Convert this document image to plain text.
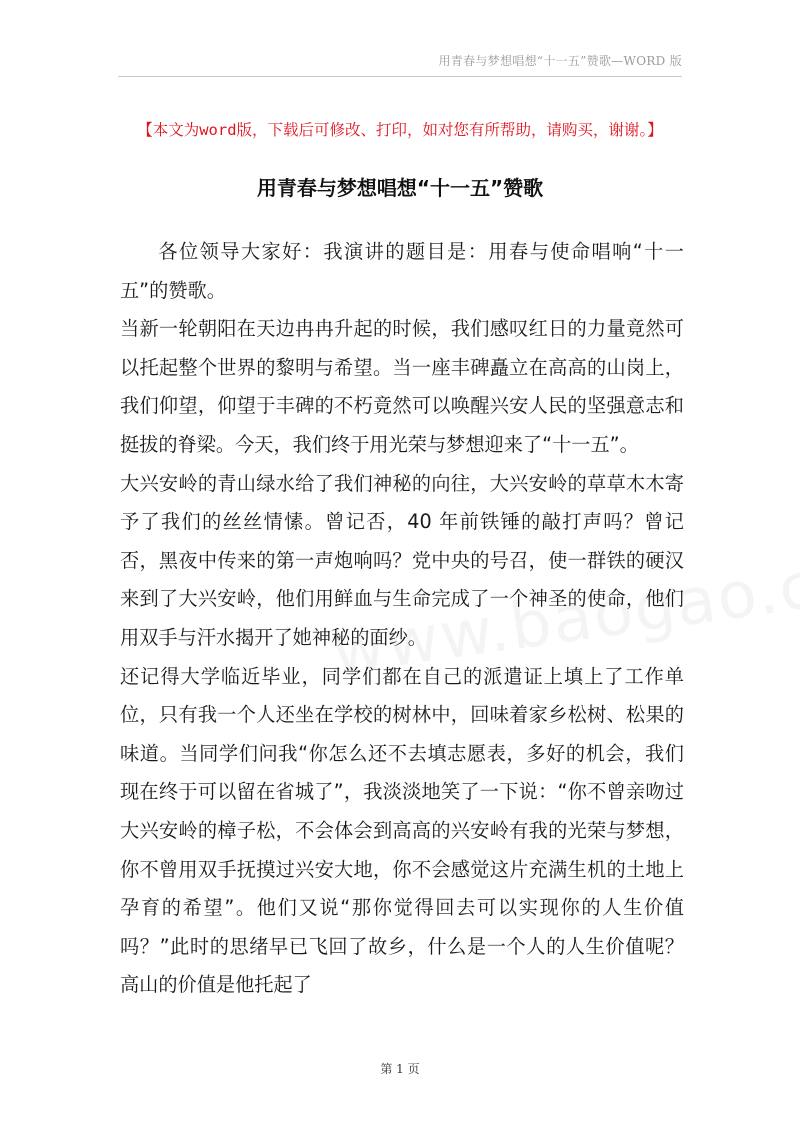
用青春与梦想唱想“十一五”赞歌—WORD 版
【本文为word版，下载后可修改、打印，如对您有所帮助，请购买，谢谢。】
用青春与梦想唱想“十一五”赞歌

各位领导大家好：我演讲的题目是：用春与使命唱响“十一五”的赞歌。

当新一轮朝阳在天边冉冉升起的时候，我们感叹红日的力量竟然可以托起整个世界的黎明与希望。当一座丰碑矗立在高高的山岗上，我们仰望，仰望于丰碑的不朽竟然可以唤醒兴安人民的坚强意志和挺拔的脊梁。今天，我们终于用光荣与梦想迎来了“十一五”。

大兴安岭的青山绿水给了我们神秘的向往，大兴安岭的草草木木寄予了我们的丝丝情愫。曾记否，40 年前铁锤的敲打声吗？曾记否，黑夜中传来的第一声炮响吗？党中央的号召，使一群铁的硬汉来到了大兴安岭，他们用鲜血与生命完成了一个神圣的使命，他们用双手与汗水揭开了她神秘的面纱。

还记得大学临近毕业，同学们都在自己的派遣证上填上了工作单位，只有我一个人还坐在学校的树林中，回味着家乡松树、松果的味道。当同学们问我“你怎么还不去填志愿表，多好的机会，我们现在终于可以留在省城了”，我淡淡地笑了一下说：“你不曾亲吻过大兴安岭的樟子松，不会体会到高高的兴安岭有我的光荣与梦想，你不曾用双手抚摸过兴安大地，你不会感觉这片充满生机的土地上孕育的希望”。他们又说“那你觉得回去可以实现你的人生价值吗？”此时的思绪早已飞回了故乡，什么是一个人的人生价值呢？高山的价值是他托起了

第 1 页
